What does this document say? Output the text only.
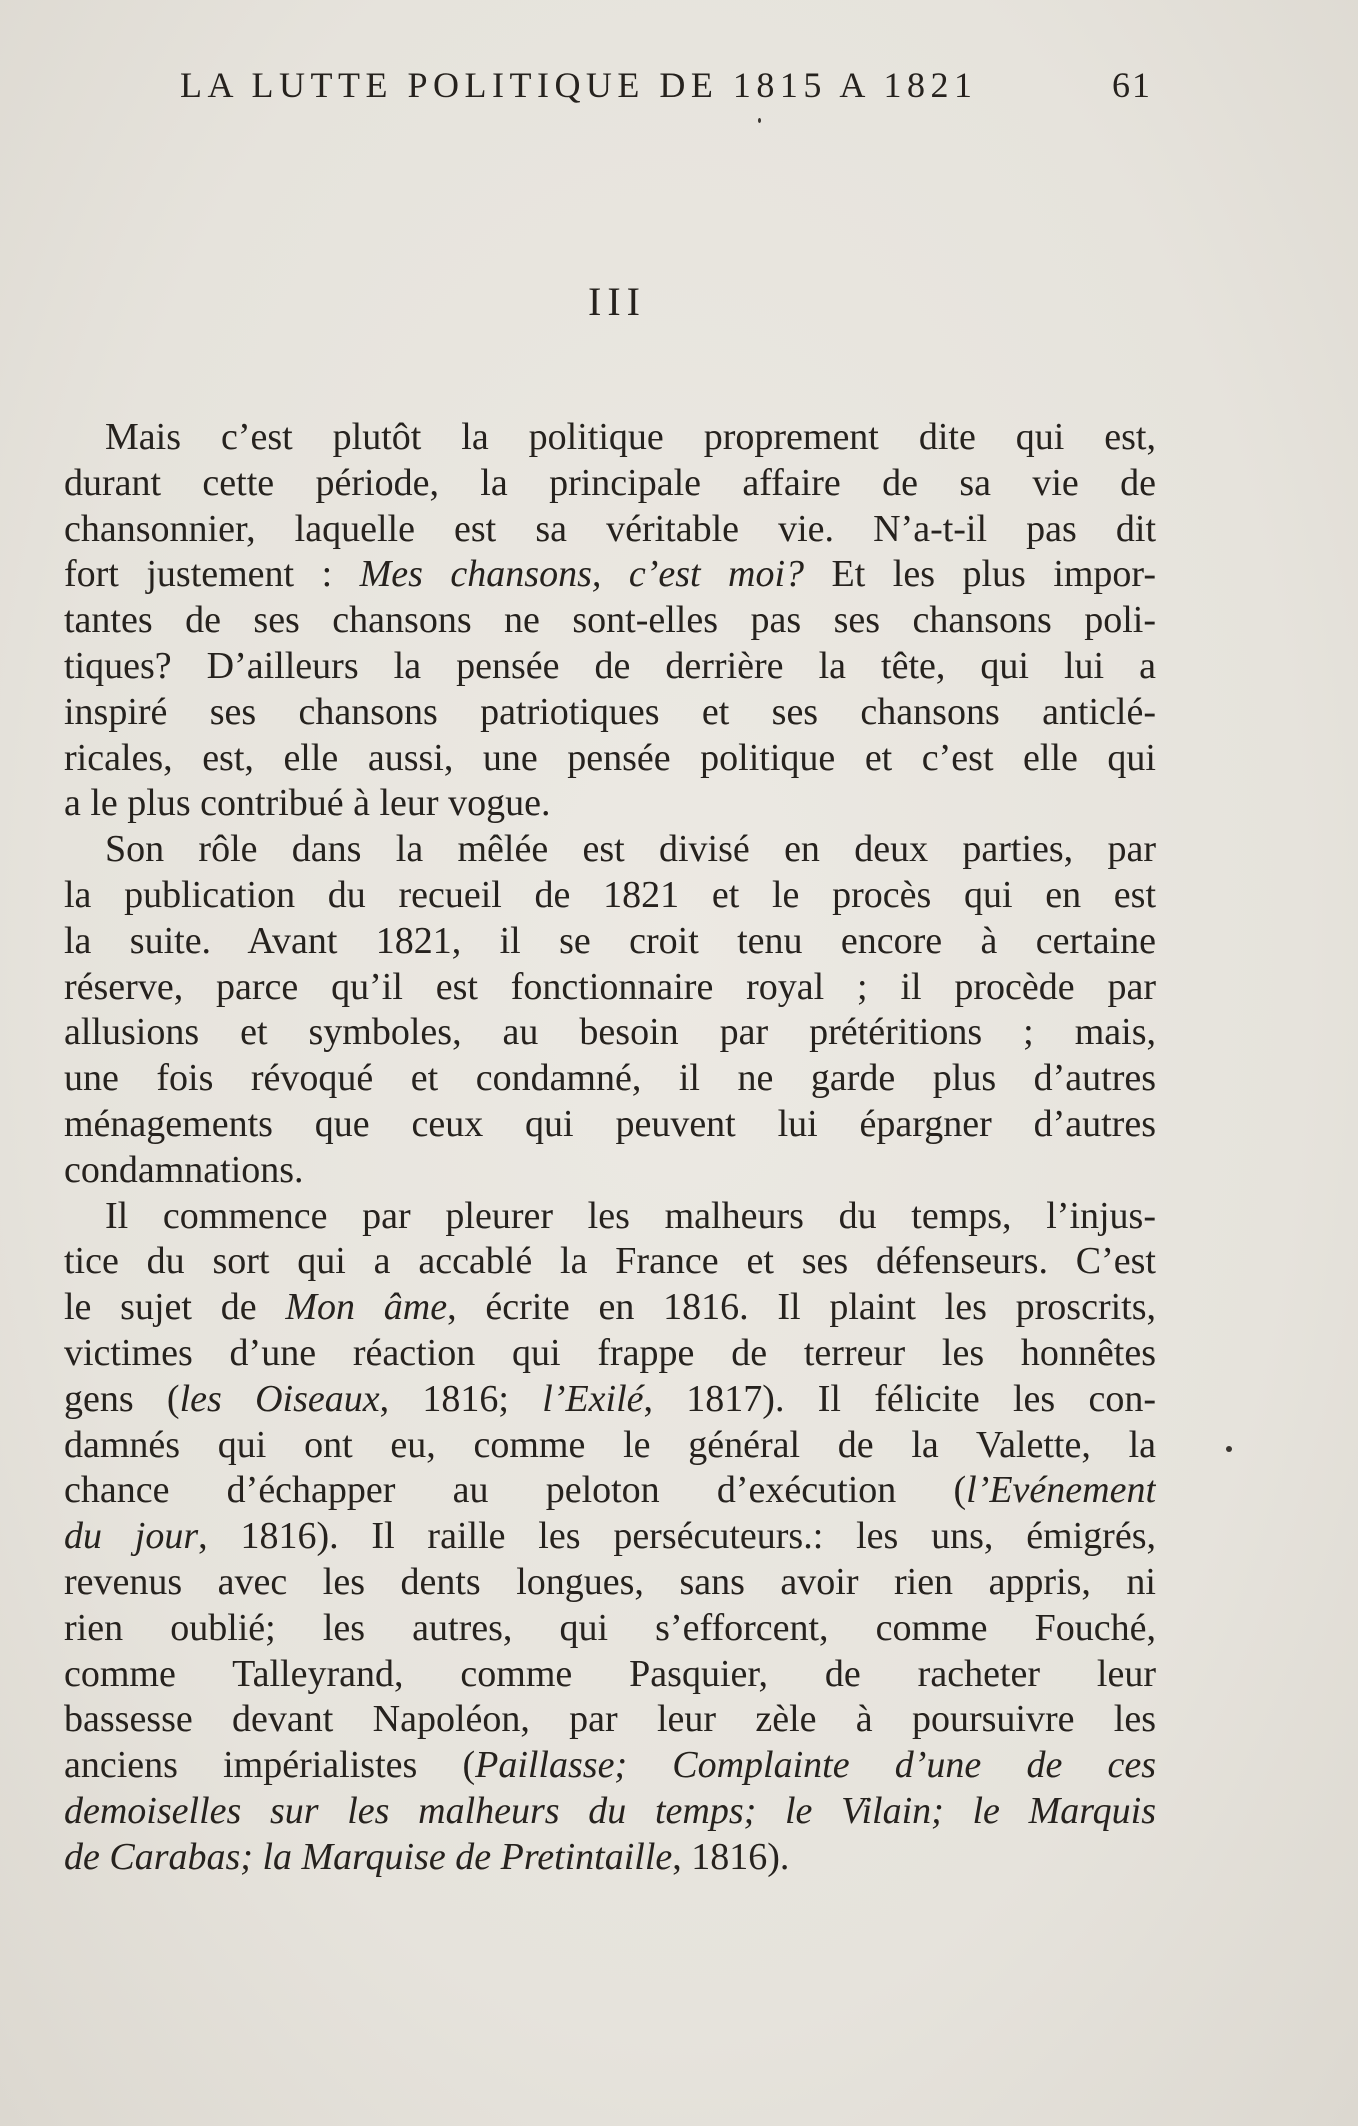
LA LUTTE POLITIQUE DE 1815 A 1821	61
III
Mais c’est plutôt la politique proprement dite qui est,
durant cette période, la principale affaire de sa vie de
chansonnier, laquelle est sa véritable vie. N’a-t-il pas dit
fort justement : Mes chansons, c’est moi? Et les plus impor-
tantes de ses chansons ne sont-elles pas ses chansons poli-
tiques? D’ailleurs la pensée de derrière la tête, qui lui a
inspiré ses chansons patriotiques et ses chansons anticlé-
ricales, est, elle aussi, une pensée politique et c’est elle qui
a le plus contribué à leur vogue.
Son rôle dans la mêlée est divisé en deux parties, par
la publication du recueil de 1821 et le procès qui en est
la suite. Avant 1821, il se croit tenu encore à certaine
réserve, parce qu’il est fonctionnaire royal ; il procède par
allusions et symboles, au besoin par prétéritions ; mais,
une fois révoqué et condamné, il ne garde plus d’autres
ménagements que ceux qui peuvent lui épargner d’autres
condamnations.
Il commence par pleurer les malheurs du temps, l’injus-
tice du sort qui a accablé la France et ses défenseurs. C’est
le sujet de Mon âme, écrite en 1816. Il plaint les proscrits,
victimes d’une réaction qui frappe de terreur les honnêtes
gens (les Oiseaux, 1816; l’Exilé, 1817). Il félicite les con-
damnés qui ont eu, comme le général de la Valette, la
chance d’échapper au peloton d’exécution (l’Evénement
du jour, 1816). Il raille les persécuteurs.: les uns, émigrés,
revenus avec les dents longues, sans avoir rien appris, ni
rien oublié; les autres, qui s’efforcent, comme Fouché,
comme Talleyrand, comme Pasquier, de racheter leur
bassesse devant Napoléon, par leur zèle à poursuivre les
anciens impérialistes (Paillasse; Complainte d’une de ces
demoiselles sur les malheurs du temps; le Vilain; le Marquis
de Carabas; la Marquise de Pretintaille, 1816).
